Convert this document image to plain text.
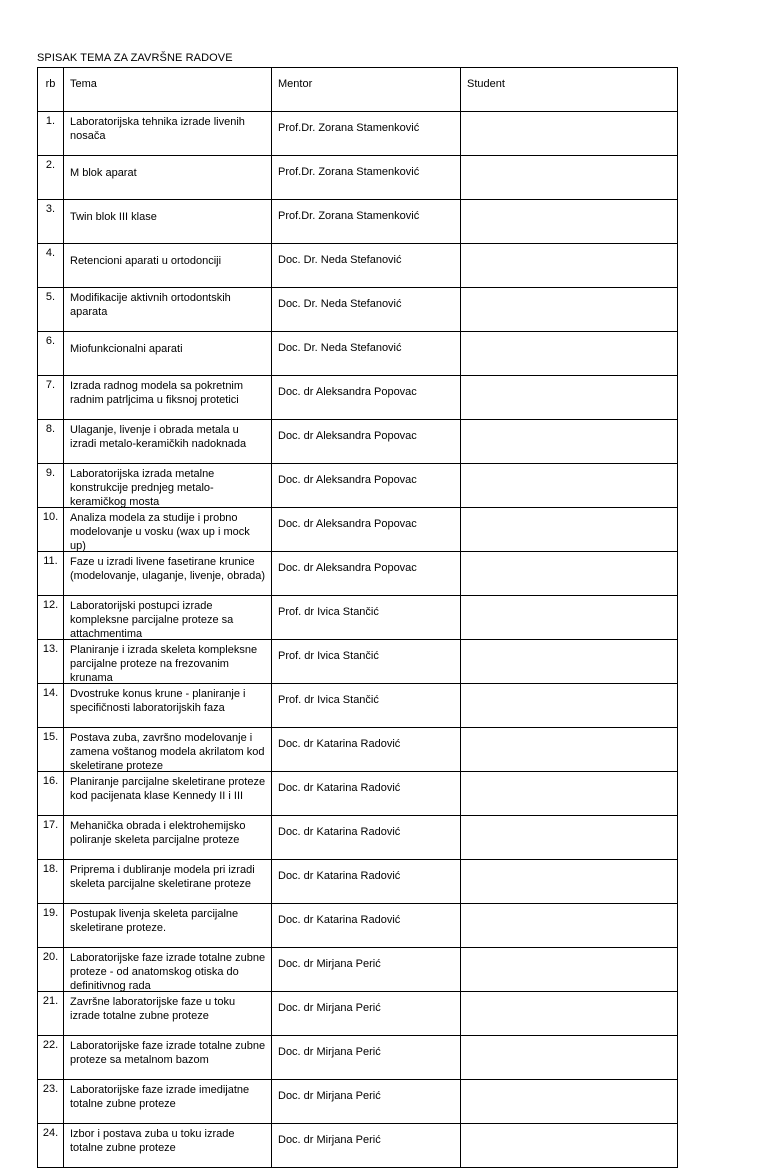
SPISAK TEMA ZA ZAVRŠNE RADOVE
rb	Tema	Mentor	Student

1.	Laboratorijska tehnika izrade livenih nosača	Prof.Dr. Zorana Stamenković	

2.	M blok aparat	Prof.Dr. Zorana Stamenković	

3.	Twin blok III klase	Prof.Dr. Zorana Stamenković	

4.	Retencioni aparati u ortodonciji	Doc. Dr. Neda Stefanović	

5.	Modifikacije aktivnih ortodontskih aparata	Doc. Dr. Neda Stefanović	

6.	Miofunkcionalni aparati	Doc. Dr. Neda Stefanović	

7.	Izrada radnog modela sa pokretnim radnim patrljcima u fiksnoj protetici	Doc. dr Aleksandra Popovac	

8.	Ulaganje, livenje i obrada metala u izradi metalo-keramičkih nadoknada	Doc. dr Aleksandra Popovac	

9.	Laboratorijska izrada metalne konstrukcije prednjeg metalo-keramičkog mosta	Doc. dr Aleksandra Popovac	

10.	Analiza modela za studije i probno modelovanje u vosku (wax up i mock up)	Doc. dr Aleksandra Popovac	

11.	Faze u izradi livene fasetirane krunice (modelovanje, ulaganje, livenje, obrada)	Doc. dr Aleksandra Popovac	

12.	Laboratorijski postupci izrade kompleksne parcijalne proteze sa attachmentima	Prof. dr Ivica Stančić	

13.	Planiranje i izrada skeleta kompleksne parcijalne proteze na frezovanim krunama	Prof. dr Ivica Stančić	

14.	Dvostruke konus krune - planiranje i specifičnosti laboratorijskih faza	Prof. dr Ivica Stančić	

15.	Postava zuba, završno modelovanje i zamena voštanog modela akrilatom kod skeletirane proteze	Doc. dr Katarina Radović	

16.	Planiranje parcijalne skeletirane proteze kod pacijenata klase Kennedy II i III	Doc. dr Katarina Radović	

17.	Mehanička obrada i elektrohemijsko poliranje skeleta parcijalne proteze	Doc. dr Katarina Radović	

18.	Priprema i dubliranje modela pri izradi skeleta parcijalne skeletirane proteze	Doc. dr Katarina Radović	

19.	Postupak livenja skeleta parcijalne skeletirane proteze.	Doc. dr Katarina Radović	

20.	Laboratorijske faze izrade totalne zubne proteze - od anatomskog otiska do definitivnog rada	Doc. dr Mirjana Perić	

21.	Završne laboratorijske faze u toku izrade totalne zubne proteze	Doc. dr Mirjana Perić	

22.	Laboratorijske faze izrade totalne zubne proteze sa metalnom bazom	Doc. dr Mirjana Perić	

23.	Laboratorijske faze izrade imedijatne totalne zubne proteze	Doc. dr Mirjana Perić	

24.	Izbor i postava zuba u toku izrade totalne zubne proteze	Doc. dr Mirjana Perić	
